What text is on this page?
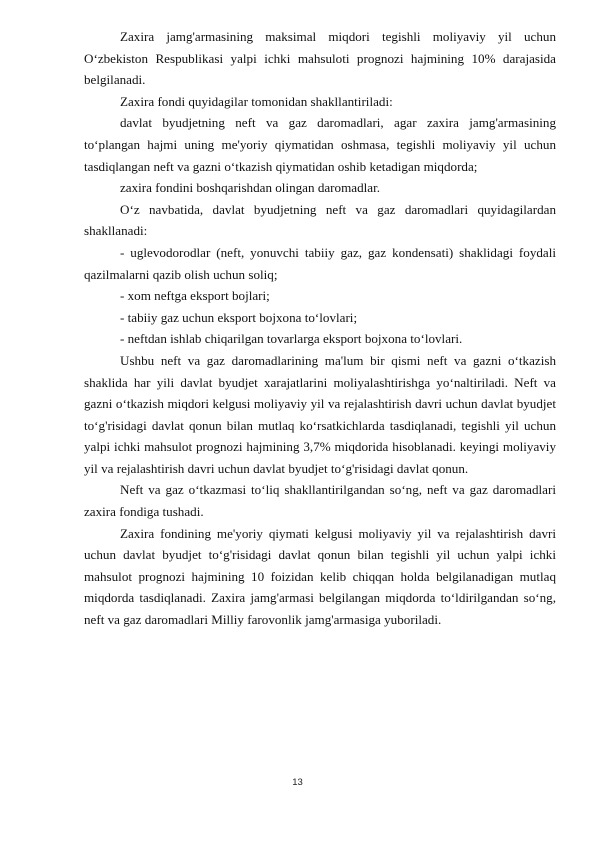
Zaxira jamg'armasining maksimal miqdori tegishli moliyaviy yil uchun O‘zbekiston Respublikasi yalpi ichki mahsuloti prognozi hajmining 10% darajasida belgilanadi.

Zaxira fondi quyidagilar tomonidan shakllantiriladi:

davlat byudjetning neft va gaz daromadlari, agar zaxira jamg'armasining to‘plangan hajmi uning me'yoriy qiymatidan oshmasa, tegishli moliyaviy yil uchun tasdiqlangan neft va gazni o‘tkazish qiymatidan oshib ketadigan miqdorda;

zaxira fondini boshqarishdan olingan daromadlar.

O‘z navbatida, davlat byudjetning neft va gaz daromadlari quyidagilardan shakllanadi:

- uglevodorodlar (neft, yonuvchi tabiiy gaz, gaz kondensati) shaklidagi foydali qazilmalarni qazib olish uchun soliq;

- xom neftga eksport bojlari;

- tabiiy gaz uchun eksport bojxona to‘lovlari;

- neftdan ishlab chiqarilgan tovarlarga eksport bojxona to‘lovlari.

Ushbu neft va gaz daromadlarining ma'lum bir qismi neft va gazni o‘tkazish shaklida har yili davlat byudjet xarajatlarini moliyalashtirishga yo‘naltiriladi. Neft va gazni o‘tkazish miqdori kelgusi moliyaviy yil va rejalashtirish davri uchun davlat byudjet to‘g'risidagi davlat qonun bilan mutlaq ko‘rsatkichlarda tasdiqlanadi, tegishli yil uchun yalpi ichki mahsulot prognozi hajmining 3,7% miqdorida hisoblanadi. keyingi moliyaviy yil va rejalashtirish davri uchun davlat byudjet to‘g'risidagi davlat qonun.

Neft va gaz o‘tkazmasi to‘liq shakllantirilgandan so‘ng, neft va gaz daromadlari zaxira fondiga tushadi.

Zaxira fondining me'yoriy qiymati kelgusi moliyaviy yil va rejalashtirish davri uchun davlat byudjet to‘g'risidagi davlat qonun bilan tegishli yil uchun yalpi ichki mahsulot prognozi hajmining 10 foizidan kelib chiqqan holda belgilanadigan mutlaq miqdorda tasdiqlanadi. Zaxira jamg'armasi belgilangan miqdorda to‘ldirilgandan so‘ng, neft va gaz daromadlari Milliy farovonlik jamg'armasiga yuboriladi.

13
